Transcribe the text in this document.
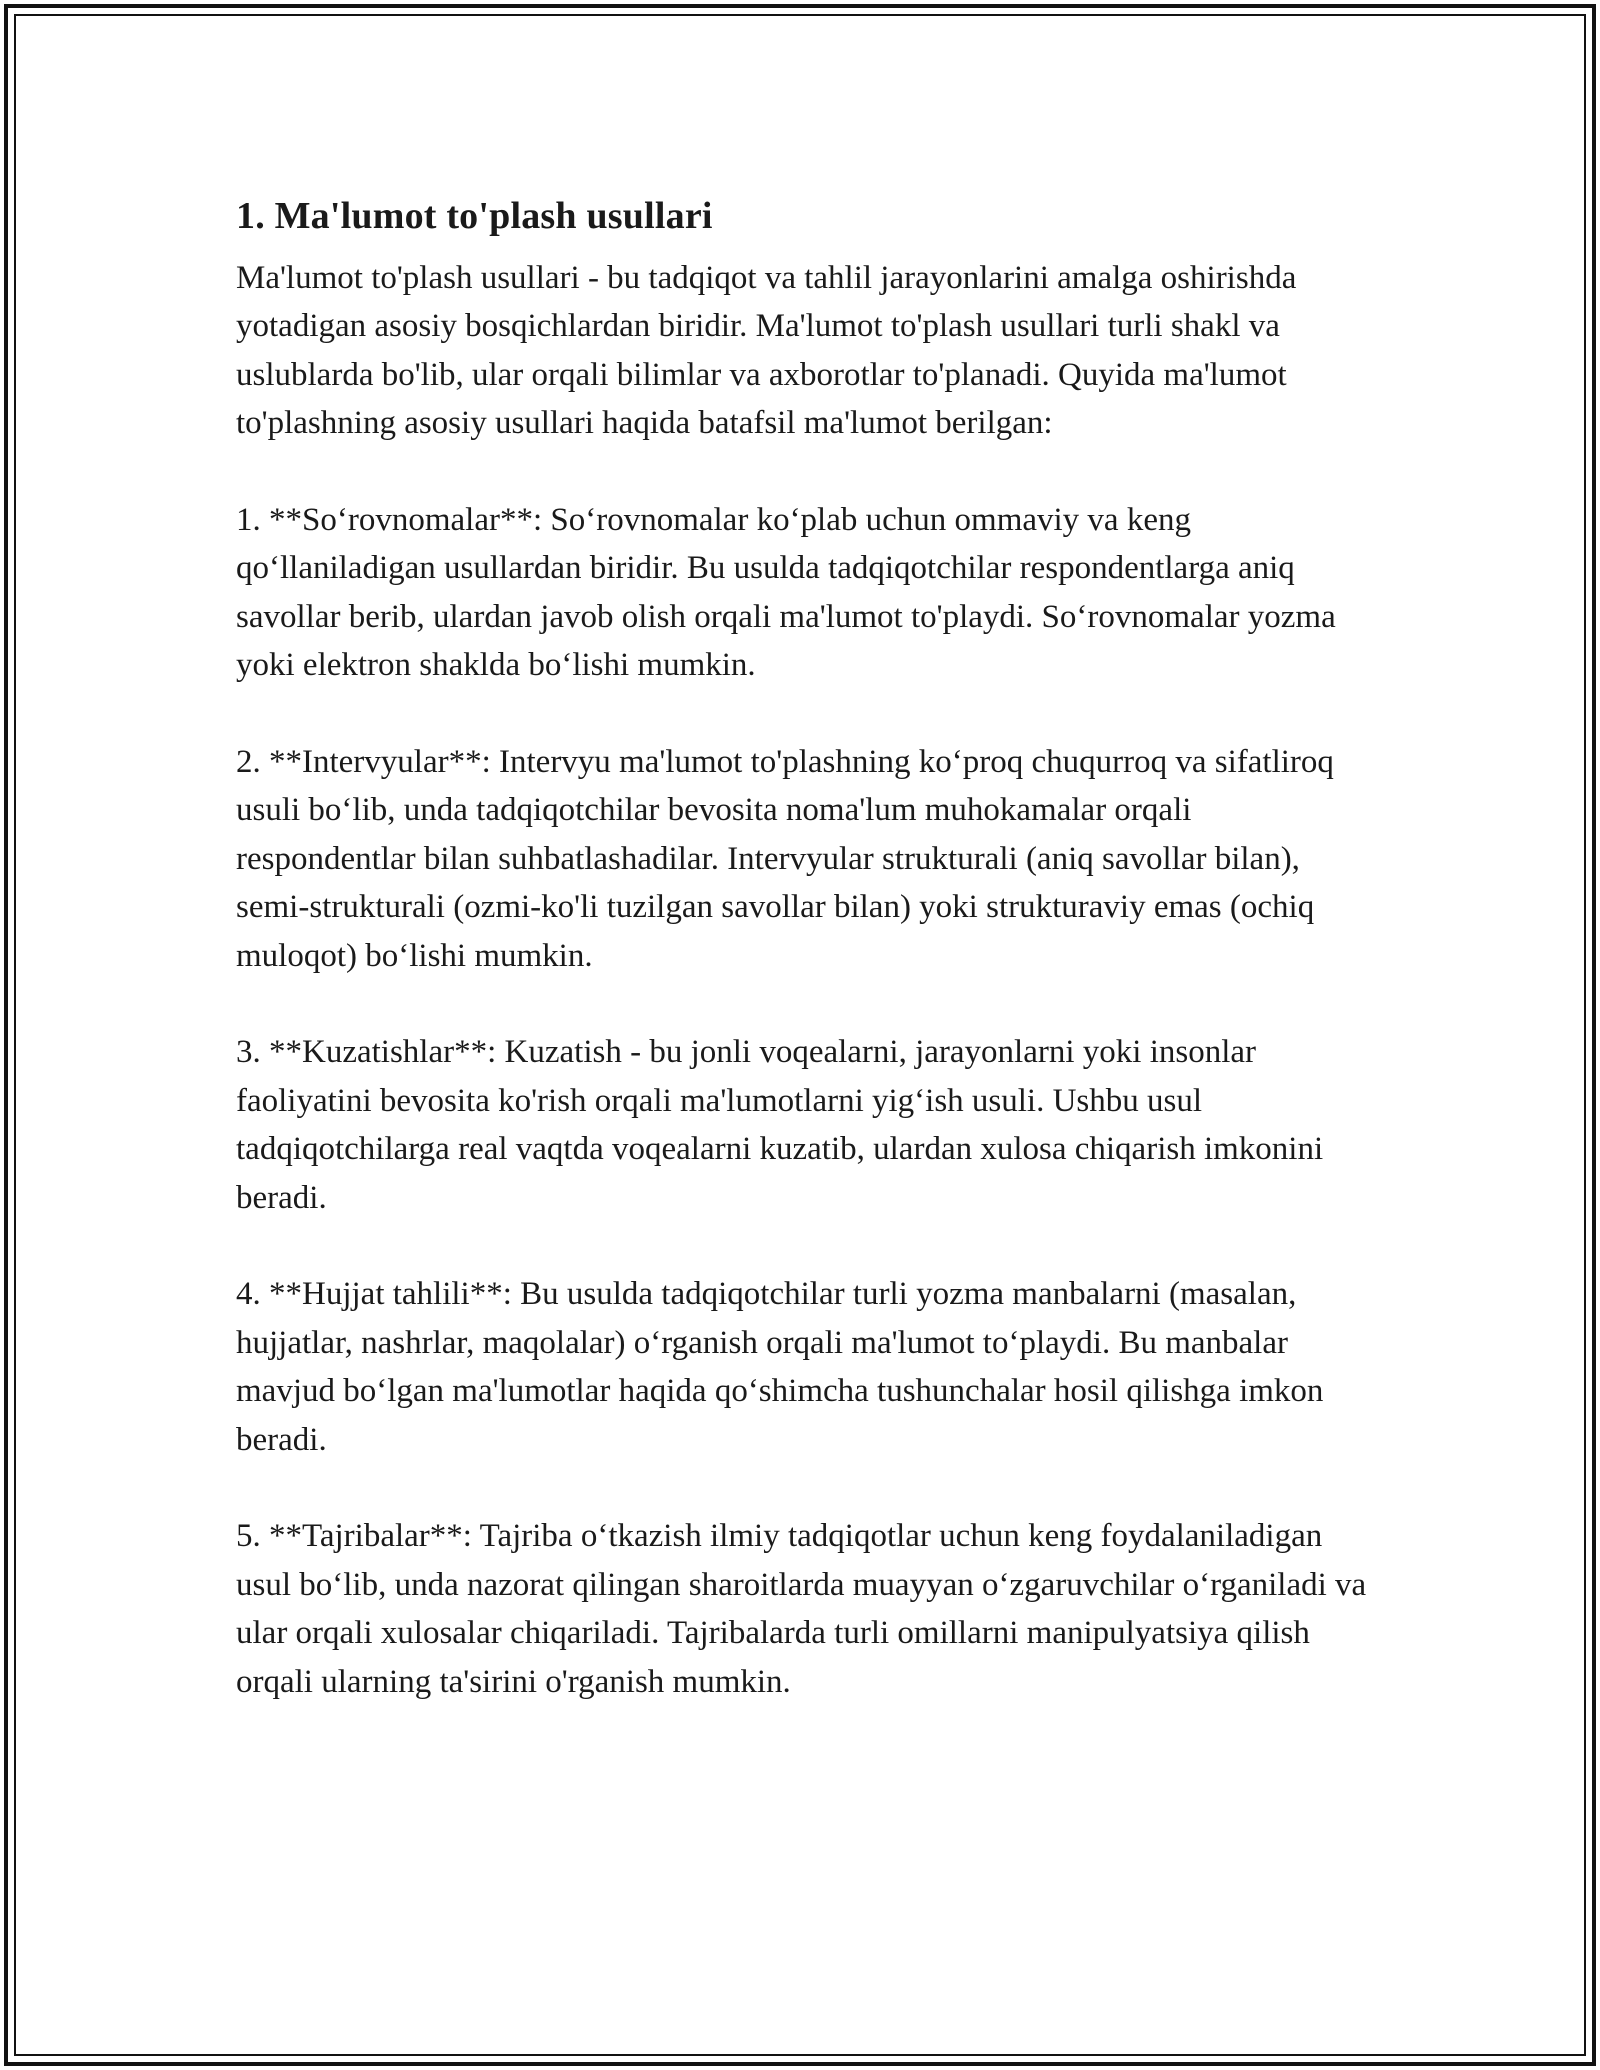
1. Ma'lumot to'plash usullari

Ma'lumot to'plash usullari - bu tadqiqot va tahlil jarayonlarini amalga oshirishda yotadigan asosiy bosqichlardan biridir. Ma'lumot to'plash usullari turli shakl va uslublarda bo'lib, ular orqali bilimlar va axborotlar to'planadi. Quyida ma'lumot to'plashning asosiy usullari haqida batafsil ma'lumot berilgan:

1. **So‘rovnomalar**: So‘rovnomalar ko‘plab uchun ommaviy va keng qo‘llaniladigan usullardan biridir. Bu usulda tadqiqotchilar respondentlarga aniq savollar berib, ulardan javob olish orqali ma'lumot to'playdi. So‘rovnomalar yozma yoki elektron shaklda bo‘lishi mumkin.

2. **Intervyular**: Intervyu ma'lumot to'plashning ko‘proq chuqurroq va sifatliroq usuli bo‘lib, unda tadqiqotchilar bevosita noma'lum muhokamalar orqali respondentlar bilan suhbatlashadilar. Intervyular strukturali (aniq savollar bilan), semi-strukturali (ozmi-ko'li tuzilgan savollar bilan) yoki strukturaviy emas (ochiq muloqot) bo‘lishi mumkin.

3. **Kuzatishlar**: Kuzatish - bu jonli voqealarni, jarayonlarni yoki insonlar faoliyatini bevosita ko'rish orqali ma'lumotlarni yig‘ish usuli. Ushbu usul tadqiqotchilarga real vaqtda voqealarni kuzatib, ulardan xulosa chiqarish imkonini beradi.

4. **Hujjat tahlili**: Bu usulda tadqiqotchilar turli yozma manbalarni (masalan, hujjatlar, nashrlar, maqolalar) o‘rganish orqali ma'lumot to‘playdi. Bu manbalar mavjud bo‘lgan ma'lumotlar haqida qo‘shimcha tushunchalar hosil qilishga imkon beradi.

5. **Tajribalar**: Tajriba o‘tkazish ilmiy tadqiqotlar uchun keng foydalaniladigan usul bo‘lib, unda nazorat qilingan sharoitlarda muayyan o‘zgaruvchilar o‘rganiladi va ular orqali xulosalar chiqariladi. Tajribalarda turli omillarni manipulyatsiya qilish orqali ularning ta'sirini o'rganish mumkin.
